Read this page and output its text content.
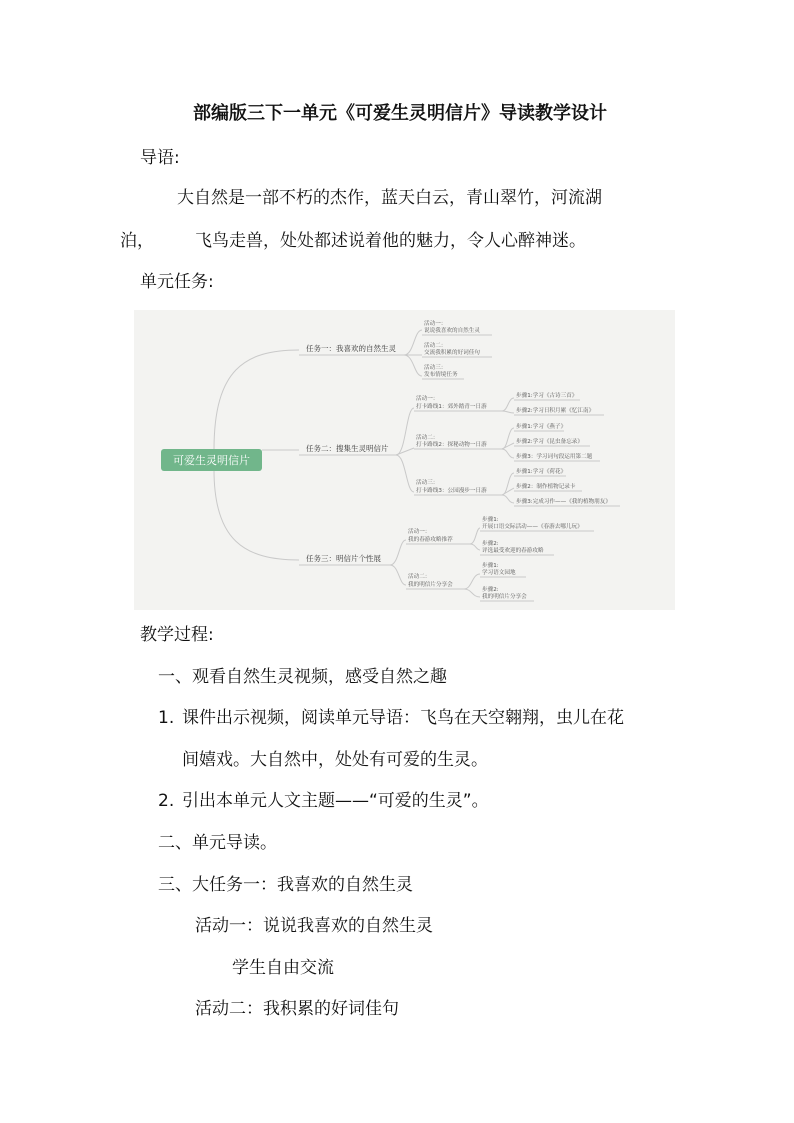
部编版三下一单元《可爱生灵明信片》导读教学设计
导语:
大自然是一部不朽的杰作，蓝天白云，青山翠竹，河流湖
泊， 飞鸟走兽，处处都述说着他的魅力，令人心醉神迷。
单元任务:
可爱生灵明信片
任务一：我喜欢的自然生灵
活动一：
说说我喜欢的自然生灵
活动二：
交流我积累的好词佳句
活动三：
发布情境任务
任务二：搜集生灵明信片
活动一：
打卡路线1：郊外踏青一日游
步骤1:学习《古诗三首》
步骤2:学习日积月累《忆江南》
活动二：
打卡路线2：探秘动物一日游
步骤1:学习《燕子》
步骤2:学习《昆虫备忘录》
步骤3：学习词句段运用第二题
活动三：
打卡路线3：公园漫步一日游
步骤1:学习《荷花》
步骤2：制作植物记录卡
步骤3:完成习作——《我的植物朋友》
任务三：明信片个性展
活动一：
我的春游攻略推荐
步骤1:
开展口语交际活动——《春游去哪儿玩》
步骤2:
评选最受欢迎的春游攻略
活动二：
我的明信片分享会
步骤1:
学习语文园地
步骤2:
我的明信片分享会
教学过程:
一、观看自然生灵视频，感受自然之趣
1. 课件出示视频，阅读单元导语：飞鸟在天空翱翔，虫儿在花
间嬉戏。大自然中，处处有可爱的生灵。
2. 引出本单元人文主题——“可爱的生灵”。
二、单元导读。
三、大任务一：我喜欢的自然生灵
活动一：说说我喜欢的自然生灵
学生自由交流
活动二：我积累的好词佳句
